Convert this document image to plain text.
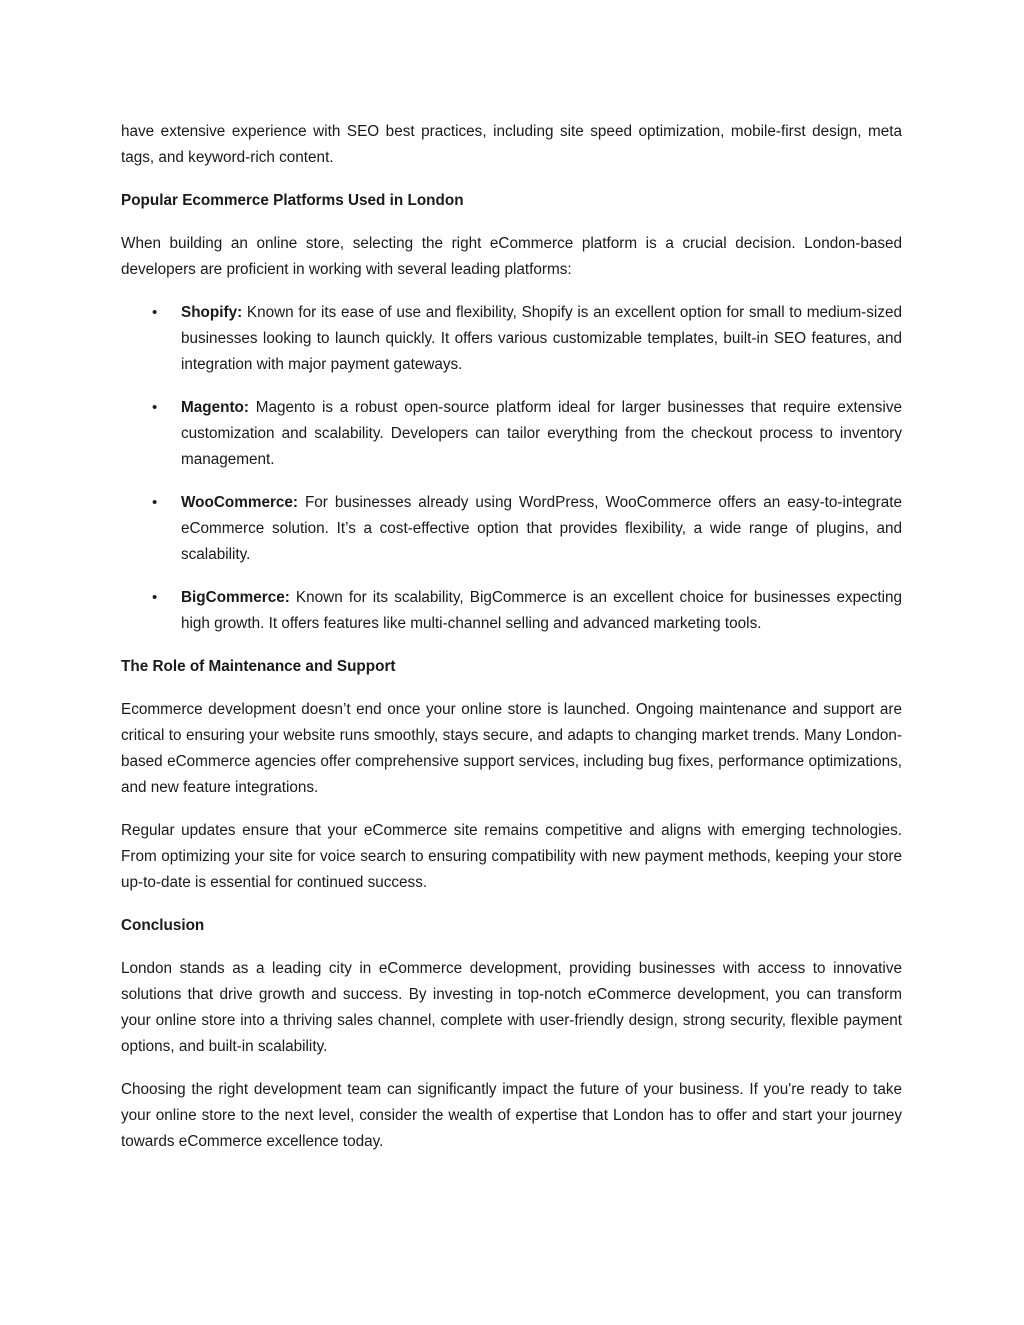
have extensive experience with SEO best practices, including site speed optimization, mobile-first design, meta tags, and keyword-rich content.

Popular Ecommerce Platforms Used in London

When building an online store, selecting the right eCommerce platform is a crucial decision. London-based developers are proficient in working with several leading platforms:

• Shopify: Known for its ease of use and flexibility, Shopify is an excellent option for small to medium-sized businesses looking to launch quickly. It offers various customizable templates, built-in SEO features, and integration with major payment gateways.
• Magento: Magento is a robust open-source platform ideal for larger businesses that require extensive customization and scalability. Developers can tailor everything from the checkout process to inventory management.
• WooCommerce: For businesses already using WordPress, WooCommerce offers an easy-to-integrate eCommerce solution. It’s a cost-effective option that provides flexibility, a wide range of plugins, and scalability.
• BigCommerce: Known for its scalability, BigCommerce is an excellent choice for businesses expecting high growth. It offers features like multi-channel selling and advanced marketing tools.
The Role of Maintenance and Support

Ecommerce development doesn’t end once your online store is launched. Ongoing maintenance and support are critical to ensuring your website runs smoothly, stays secure, and adapts to changing market trends. Many London-based eCommerce agencies offer comprehensive support services, including bug fixes, performance optimizations, and new feature integrations.

Regular updates ensure that your eCommerce site remains competitive and aligns with emerging technologies. From optimizing your site for voice search to ensuring compatibility with new payment methods, keeping your store up-to-date is essential for continued success.

Conclusion

London stands as a leading city in eCommerce development, providing businesses with access to innovative solutions that drive growth and success. By investing in top-notch eCommerce development, you can transform your online store into a thriving sales channel, complete with user-friendly design, strong security, flexible payment options, and built-in scalability.

Choosing the right development team can significantly impact the future of your business. If you're ready to take your online store to the next level, consider the wealth of expertise that London has to offer and start your journey towards eCommerce excellence today.
